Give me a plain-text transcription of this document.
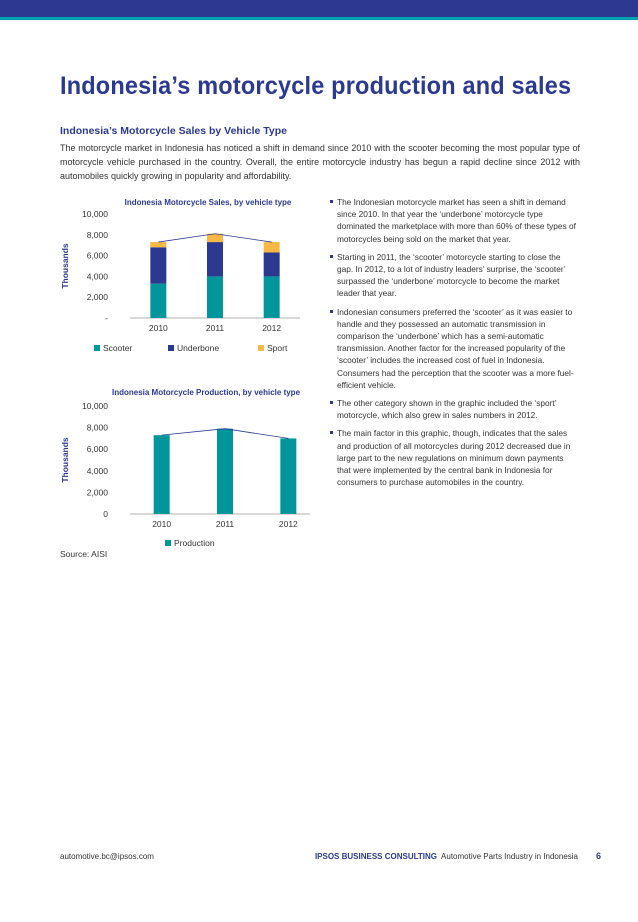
Indonesia’s motorcycle production and sales
Indonesia’s Motorcycle Sales by Vehicle Type

The motorcycle market in Indonesia has noticed a shift in demand since 2010 with the scooter becoming the most popular type of motorcycle vehicle purchased in the country. Overall, the entire motorcycle industry has begun a rapid decline since 2012 with automobiles quickly growing in popularity and affordability.

Indonesia Motorcycle Sales, by vehicle type
-
2,000
4,000
6,000
8,000
10,000
Thousands
2010	2011	2012
Scooter	Underbone	Sport
Indonesia Motorcycle Production, by vehicle type
0
2,000
4,000
6,000
8,000
10,000
Thousands
2010	2011	2012
Production
Source: AISI
The Indonesian motorcycle market has seen a shift in demand since 2010. In that year the ‘underbone’ motorcycle type dominated the marketplace with more than 60% of these types of motorcycles being sold on the market that year.
Starting in 2011, the ‘scooter’ motorcycle starting to close the gap. In 2012, to a lot of industry leaders’ surprise, the ‘scooter’ surpassed the ‘underbone’ motorcycle to become the market leader that year.
Indonesian consumers preferred the ‘scooter’ as it was easier to handle and they possessed an automatic transmission in comparison the ‘underbone’ which has a semi-automatic transmission. Another factor for the increased popularity of the ‘scooter’ includes the increased cost of fuel in Indonesia. Consumers had the perception that the scooter was a more fuel-efficient vehicle.
The other category shown in the graphic included the ‘sport’ motorcycle, which also grew in sales numbers in 2012.
The main factor in this graphic, though, indicates that the sales and production of all motorcycles during 2012 decreased due in large part to the new regulations on minimum down payments that were implemented by the central bank in Indonesia for consumers to purchase automobiles in the country.
automotive.bc@ipsos.com	IPSOS BUSINESS CONSULTING Automotive Parts Industry in Indonesia 6
